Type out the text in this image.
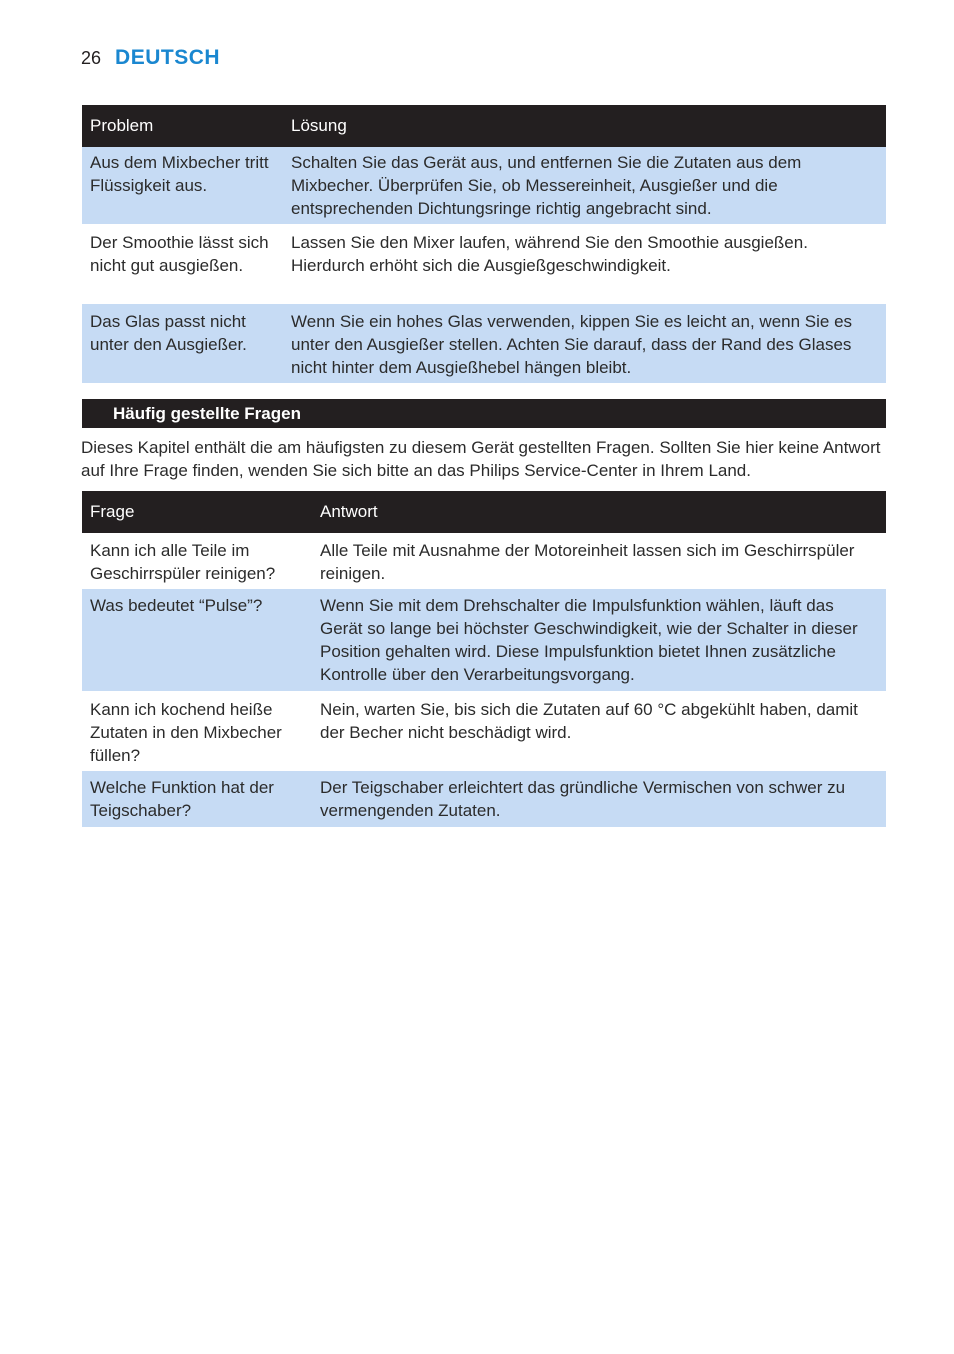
26 DEUTSCH
Problem	Lösung
Aus dem Mixbecher tritt Flüssigkeit aus.	Schalten Sie das Gerät aus, und entfernen Sie die Zutaten aus dem Mixbecher. Überprüfen Sie, ob Messereinheit, Ausgießer und die entsprechenden Dichtungsringe richtig angebracht sind.
Der Smoothie lässt sich nicht gut ausgießen.	Lassen Sie den Mixer laufen, während Sie den Smoothie ausgießen. Hierdurch erhöht sich die Ausgießgeschwindigkeit.
Das Glas passt nicht unter den Ausgießer.	Wenn Sie ein hohes Glas verwenden, kippen Sie es leicht an, wenn Sie es unter den Ausgießer stellen. Achten Sie darauf, dass der Rand des Glases nicht hinter dem Ausgießhebel hängen bleibt.
Häufig gestellte Fragen
Dieses Kapitel enthält die am häufigsten zu diesem Gerät gestellten Fragen. Sollten Sie hier keine Antwort auf Ihre Frage finden, wenden Sie sich bitte an das Philips Service-Center in Ihrem Land.
Frage	Antwort
Kann ich alle Teile im Geschirrspüler reinigen?	Alle Teile mit Ausnahme der Motoreinheit lassen sich im Geschirrspüler reinigen.
Was bedeutet “Pulse”?	Wenn Sie mit dem Drehschalter die Impulsfunktion wählen, läuft das Gerät so lange bei höchster Geschwindigkeit, wie der Schalter in dieser Position gehalten wird. Diese Impulsfunktion bietet Ihnen zusätzliche Kontrolle über den Verarbeitungsvorgang.
Kann ich kochend heiße Zutaten in den Mixbecher füllen?	Nein, warten Sie, bis sich die Zutaten auf 60 °C abgekühlt haben, damit der Becher nicht beschädigt wird.
Welche Funktion hat der Teigschaber?	Der Teigschaber erleichtert das gründliche Vermischen von schwer zu vermengenden Zutaten.
